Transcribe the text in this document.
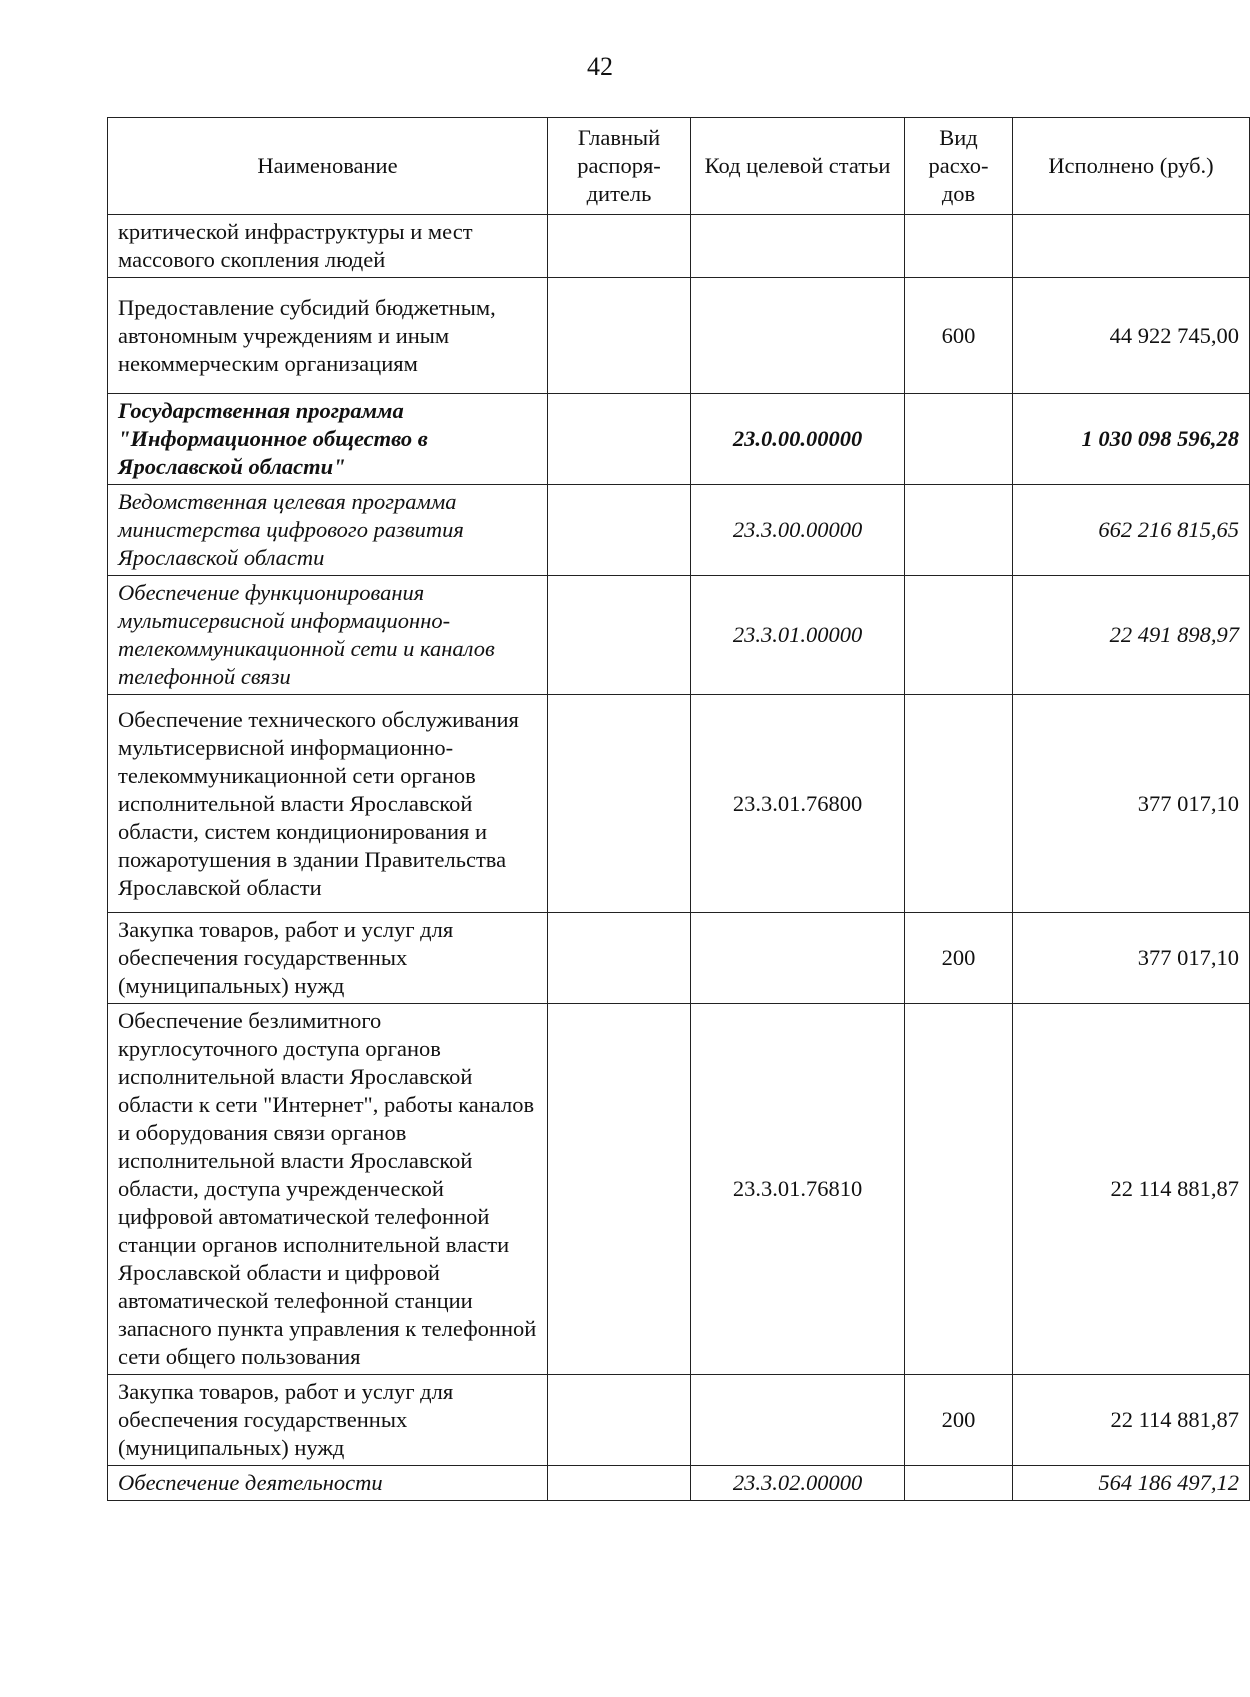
42
Наименование	Главный распоря-дитель	Код целевой статьи	Вид расхо-дов	Исполнено (руб.)
критической инфраструктуры и мест массового скопления людей				
Предоставление субсидий бюджетным, автономным учреждениям и иным некоммерческим организациям			600	44 922 745,00
Государственная программа "Информационное общество в Ярославской области"		23.0.00.00000		1 030 098 596,28
Ведомственная целевая программа министерства цифрового развития Ярославской области		23.3.00.00000		662 216 815,65
Обеспечение функционирования мультисервисной информационно-телекоммуникационной сети и каналов телефонной связи		23.3.01.00000		22 491 898,97
Обеспечение технического обслуживания мультисервисной информационно-телекоммуникационной сети органов исполнительной власти Ярославской области, систем кондиционирования и пожаротушения в здании Правительства Ярославской области		23.3.01.76800		377 017,10
Закупка товаров, работ и услуг для обеспечения государственных (муниципальных) нужд			200	377 017,10
Обеспечение безлимитного круглосуточного доступа органов исполнительной власти Ярославской области к сети "Интернет", работы каналов и оборудования связи органов исполнительной власти Ярославской области, доступа учрежденческой цифровой автоматической телефонной станции органов исполнительной власти Ярославской области и цифровой автоматической телефонной станции запасного пункта управления к телефонной сети общего пользования		23.3.01.76810		22 114 881,87
Закупка товаров, работ и услуг для обеспечения государственных (муниципальных) нужд			200	22 114 881,87
Обеспечение деятельности		23.3.02.00000		564 186 497,12
